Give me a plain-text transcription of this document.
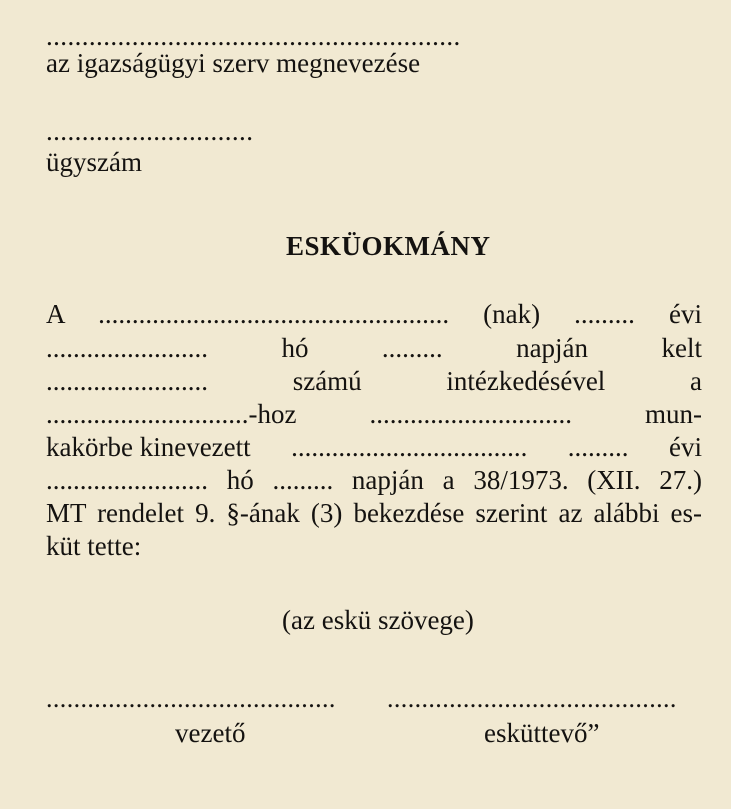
..........................................................
az igazságügyi szerv megnevezése
.............................
ügyszám
ESKÜOKMÁNY
A .................................................... (nak) ......... évi
........................	hó	.........	napján	kelt
........................	számú	intézkedésével	a
..............................-hoz	..............................	mun-
kakörbe kinevezett ................................... ......... évi
........................ hó ......... napján a 38/1973. (XII. 27.)
MT rendelet 9. §-ának (3) bekezdése szerint az alábbi es-
küt tette:
(az eskü szövege)
.......................................... ..........................................
vezető	esküttevő”
